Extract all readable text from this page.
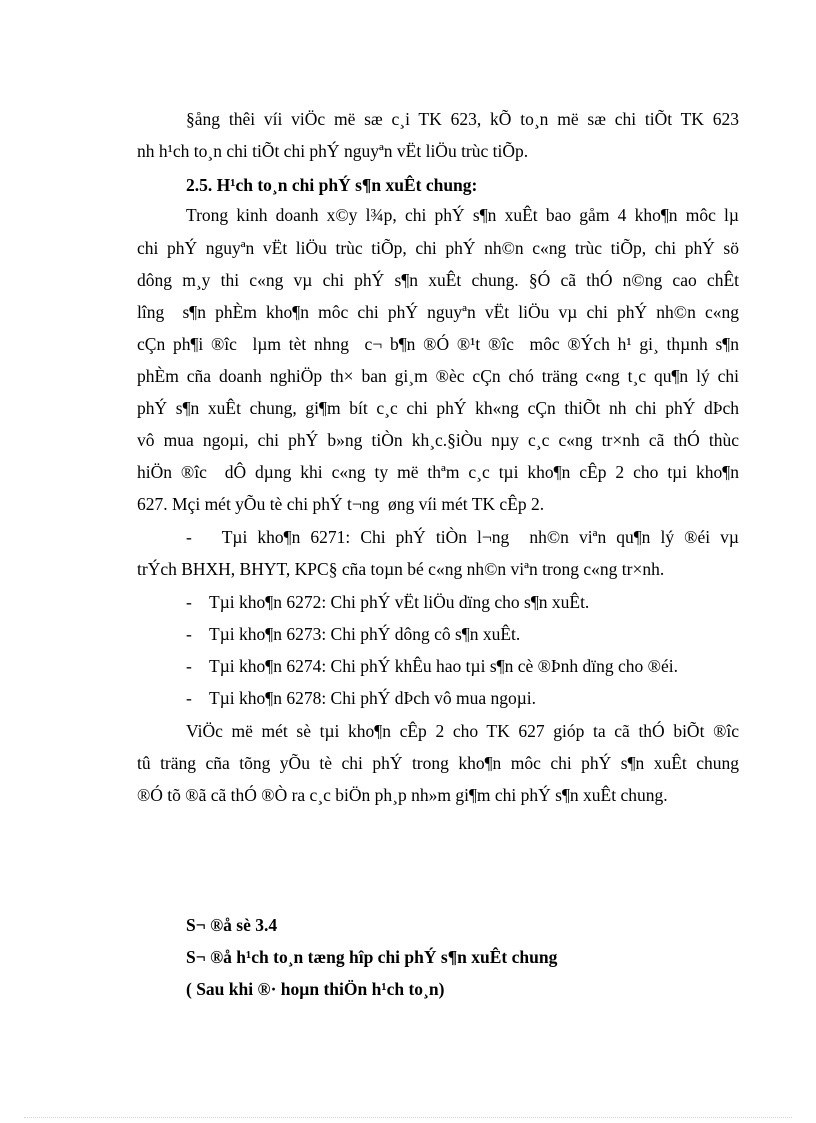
§ång thêi víi viÖc më sæ c¸i TK 623, kÕ to¸n më sæ chi tiÕt TK 623
nh h¹ch to¸n chi tiÕt chi phÝ nguyªn vËt liÖu trùc tiÕp.
2.5. H¹ch to¸n chi phÝ s¶n xuÊt chung:
Trong kinh doanh x©y l¾p, chi phÝ s¶n xuÊt bao gåm 4 kho¶n môc lµ
chi phÝ nguyªn vËt liÖu trùc tiÕp, chi phÝ nh©n c«ng trùc tiÕp, chi phÝ sö
dông m¸y thi c«ng vµ chi phÝ s¶n xuÊt chung. §Ó cã thÓ n©ng cao chÊt
lîng  s¶n phÈm kho¶n môc chi phÝ nguyªn vËt liÖu vµ chi phÝ nh©n c«ng
cÇn ph¶i ®îc  lµm tèt nhng  c¬ b¶n ®Ó ®¹t ®îc  môc ®Ých h¹ gi¸ thµnh s¶n
phÈm cña doanh nghiÖp th× ban gi¸m ®èc cÇn chó träng c«ng t¸c qu¶n lý chi
phÝ s¶n xuÊt chung, gi¶m bít c¸c chi phÝ kh«ng cÇn thiÕt nh chi phÝ dÞch
vô mua ngoµi, chi phÝ b»ng tiÒn kh¸c.§iÒu nµy c¸c c«ng tr×nh cã thÓ thùc
hiÖn ®îc  dÔ dµng khi c«ng ty më thªm c¸c tµi kho¶n cÊp 2 cho tµi kho¶n
627. Mçi mét yÕu tè chi phÝ t¬ng  øng víi mét TK cÊp 2.
-   Tµi kho¶n 6271: Chi phÝ tiÒn l¬ng  nh©n viªn qu¶n lý ®éi vµ
trÝch BHXH, BHYT, KPC§ cña toµn bé c«ng nh©n viªn trong c«ng tr×nh.
- Tµi kho¶n 6272: Chi phÝ vËt liÖu dïng cho s¶n xuÊt.
- Tµi kho¶n 6273: Chi phÝ dông cô s¶n xuÊt.
- Tµi kho¶n 6274: Chi phÝ khÊu hao tµi s¶n cè ®Þnh dïng cho ®éi.
- Tµi kho¶n 6278: Chi phÝ dÞch vô mua ngoµi.
ViÖc më mét sè tµi kho¶n cÊp 2 cho TK 627 gióp ta cã thÓ biÕt ®îc
tû träng cña tõng yÕu tè chi phÝ trong kho¶n môc chi phÝ s¶n xuÊt chung
®Ó tõ ®ã cã thÓ ®Ò ra c¸c biÖn ph¸p nh»m gi¶m chi phÝ s¶n xuÊt chung.
S¬ ®å sè 3.4
S¬ ®å h¹ch to¸n tæng hîp chi phÝ s¶n xuÊt chung
( Sau khi ®· hoµn thiÖn h¹ch to¸n)
